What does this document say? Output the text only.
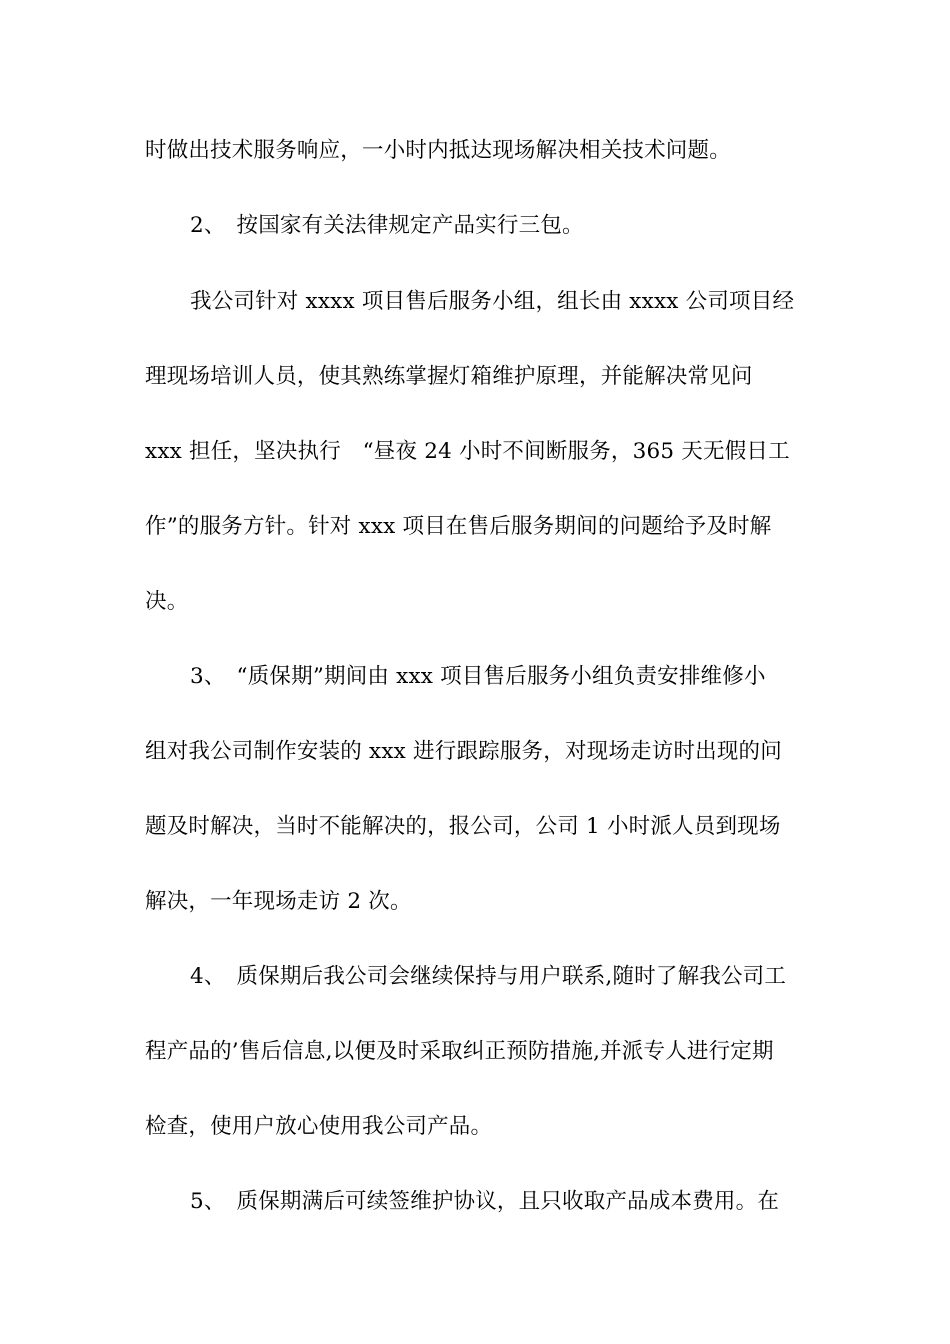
时做出技术服务响应，一小时内抵达现场解决相关技术问题。
2、　按国家有关法律规定产品实行三包。
我公司针对 xxxx 项目售后服务小组，组长由 xxxx 公司项目经
理现场培训人员，使其熟练掌握灯箱维护原理，并能解决常见问
xxx 担任，坚决执行　“昼夜 24 小时不间断服务，365 天无假日工
作”的服务方针。针对 xxx 项目在售后服务期间的问题给予及时解
决。
3、　“质保期”期间由 xxx 项目售后服务小组负责安排维修小
组对我公司制作安装的 xxx 进行跟踪服务，对现场走访时出现的问
题及时解决，当时不能解决的，报公司，公司 1 小时派人员到现场
解决，一年现场走访 2 次。
4、　质保期后我公司会继续保持与用户联系,随时了解我公司工
程产品的’售后信息,以便及时采取纠正预防措施,并派专人进行定期
检查，使用户放心使用我公司产品。
5、　质保期满后可续签维护协议，且只收取产品成本费用。在
